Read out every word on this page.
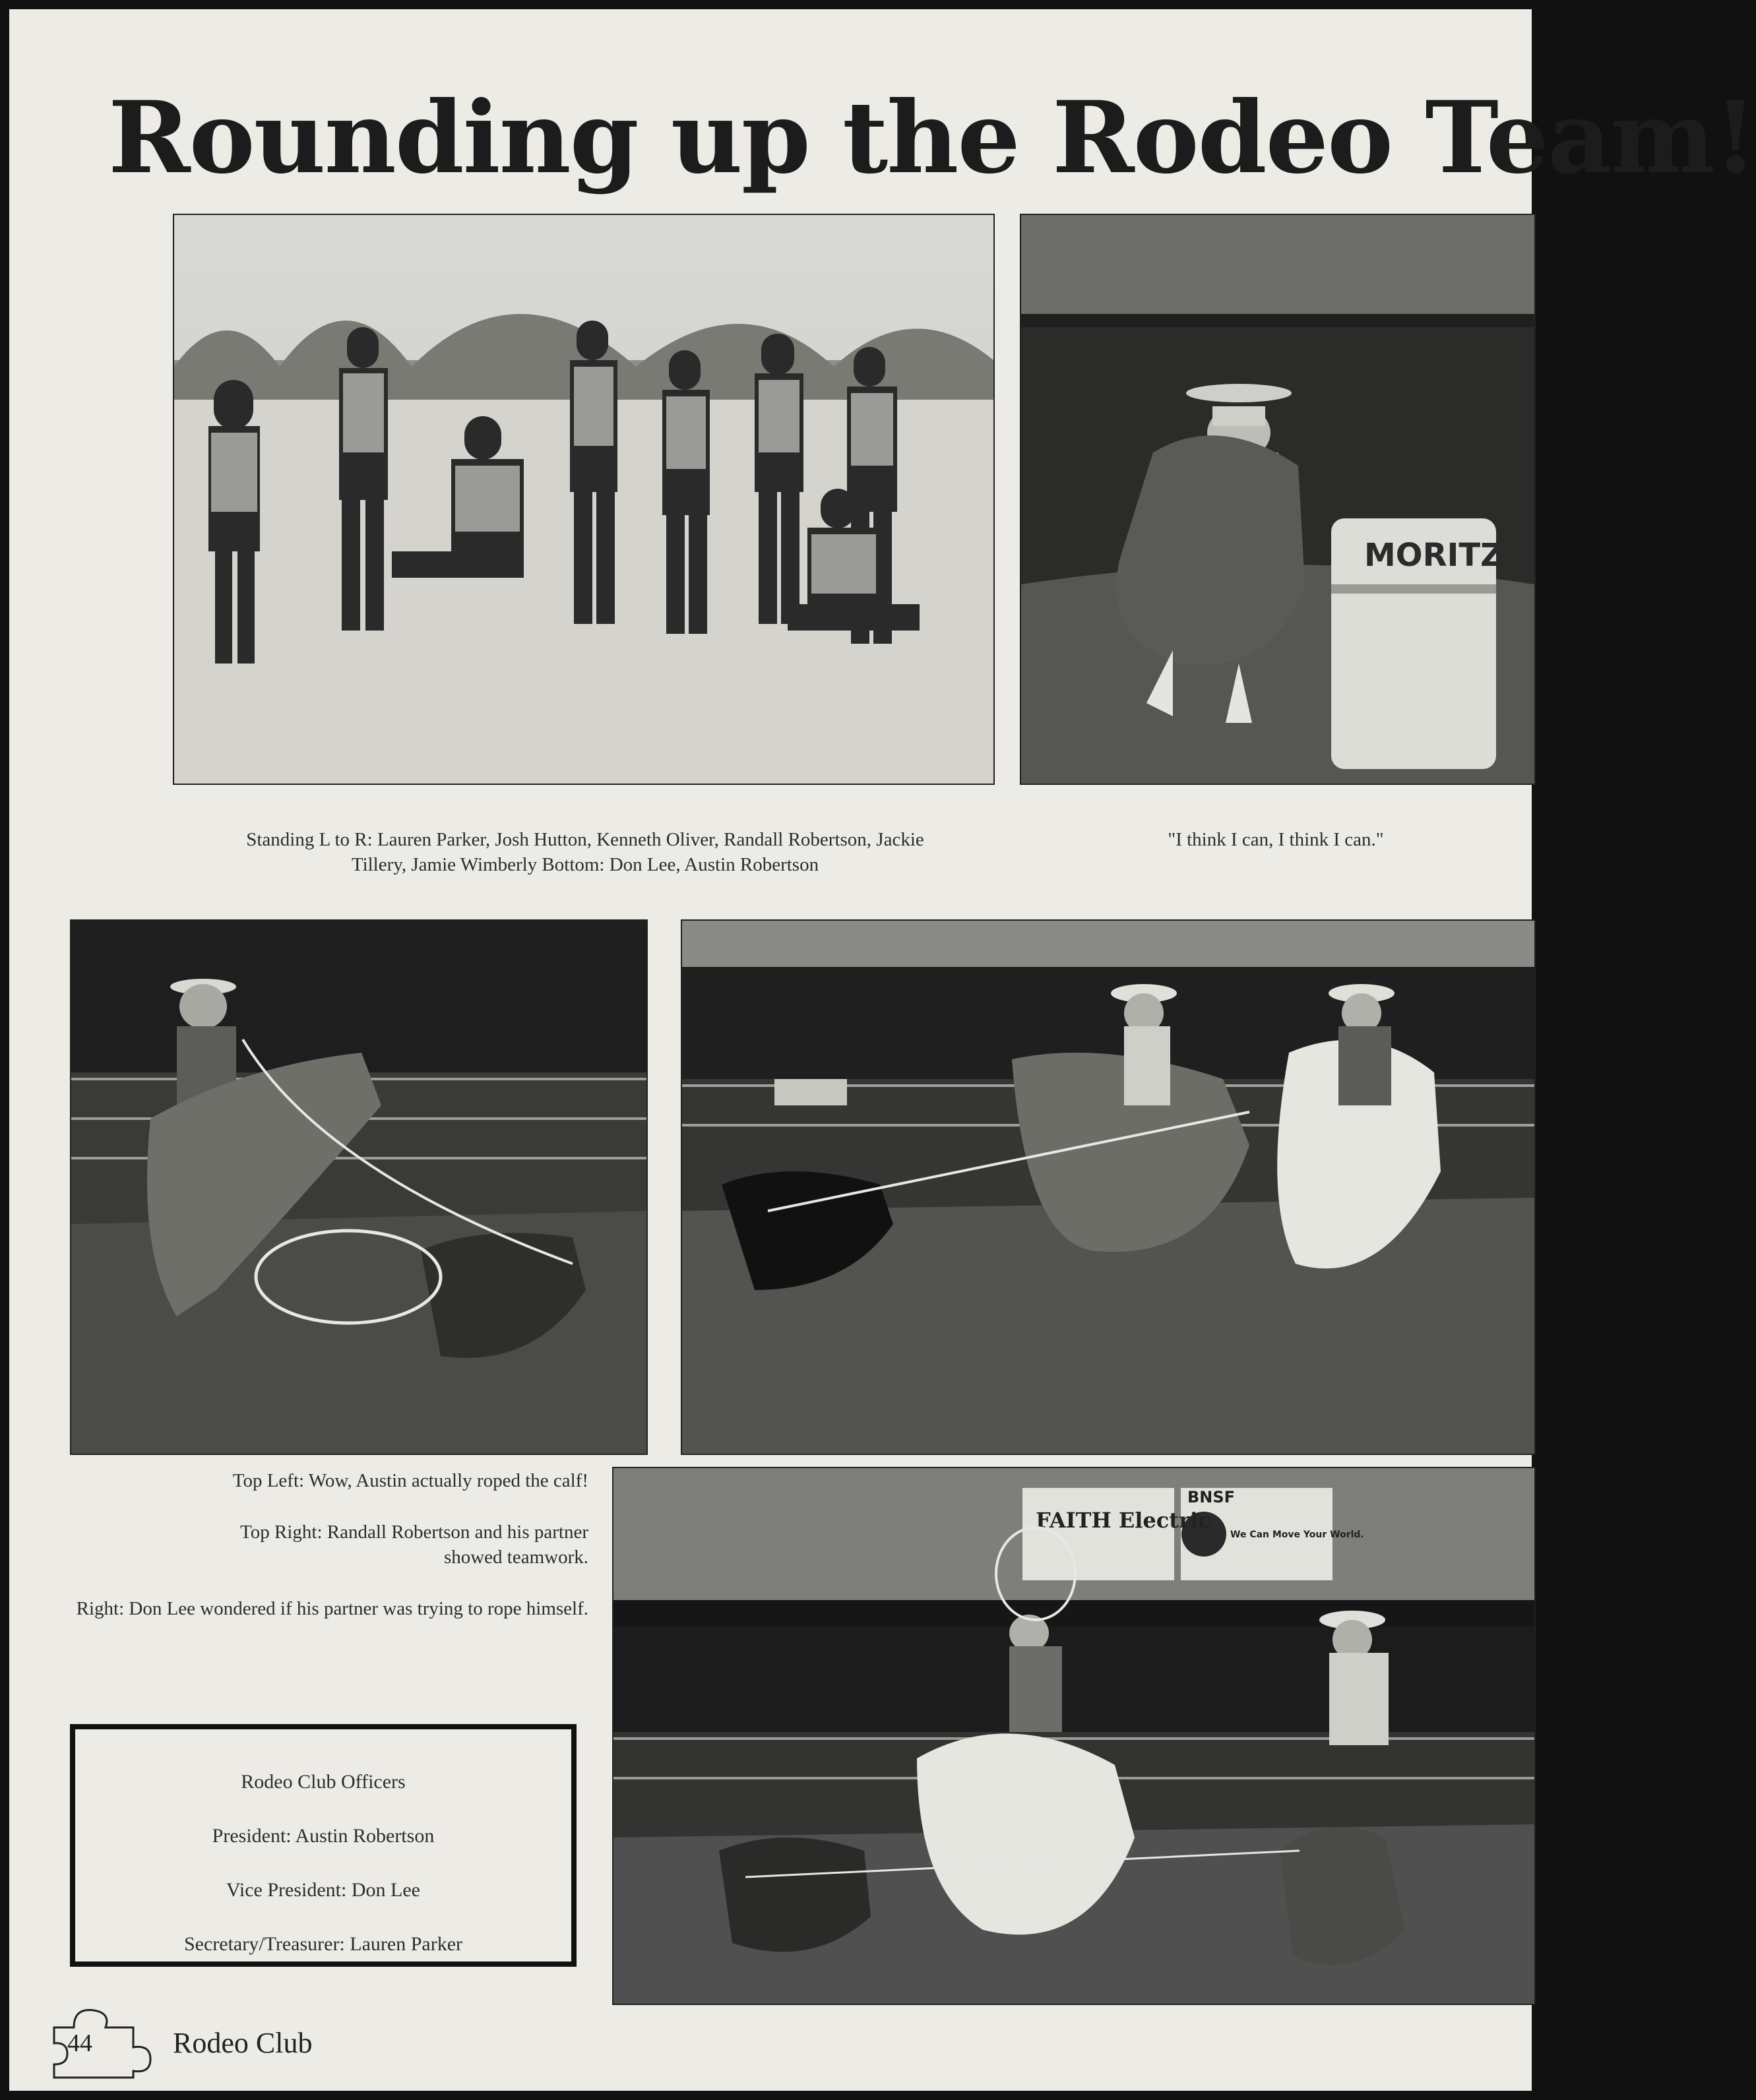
Rounding up the Rodeo Team!
MORITZ

Standing L to R: Lauren Parker, Josh Hutton, Kenneth Oliver, Randall Robertson, Jackie Tillery, Jamie Wimberly Bottom: Don Lee, Austin Robertson

"I think I can, I think I can."

Top Left: Wow, Austin actually roped the calf!

Top Right: Randall Robertson and his partner showed teamwork.

Right: Don Lee wondered if his partner was trying to rope himself.

FAITH Electric
BNSF
We Can Move Your World.

Rodeo Club Officers

President: Austin Robertson

Vice President: Don Lee

Secretary/Treasurer: Lauren Parker

44	Rodeo Club
